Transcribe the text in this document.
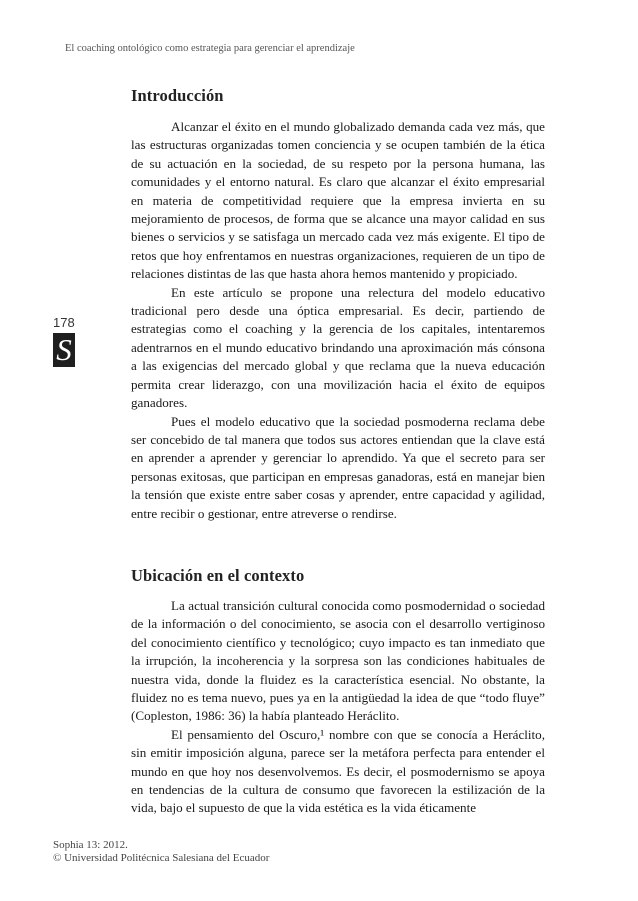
El coaching ontológico como estrategia para gerenciar el aprendizaje
178
S
Introducción

Alcanzar el éxito en el mundo globalizado demanda cada vez más, que las estructuras organizadas tomen conciencia y se ocupen también de la ética de su actuación en la sociedad, de su respeto por la persona humana, las comunidades y el entorno natural. Es claro que alcanzar el éxito empresarial en materia de competitividad requiere que la empresa invierta en su mejoramiento de procesos, de forma que se alcance una mayor calidad en sus bienes o servicios y se satisfaga un mercado cada vez más exigente. El tipo de retos que hoy enfrentamos en nuestras organizaciones, requieren de un tipo de relaciones distintas de las que hasta ahora hemos mantenido y propiciado.

En este artículo se propone una relectura del modelo educativo tradicional pero desde una óptica empresarial. Es decir, partiendo de estrategias como el coaching y la gerencia de los capitales, intentaremos adentrarnos en el mundo educativo brindando una aproximación más cónsona a las exigencias del mercado global y que reclama que la nueva educación permita crear liderazgo, con una movilización hacia el éxito de equipos ganadores.

Pues el modelo educativo que la sociedad posmoderna reclama debe ser concebido de tal manera que todos sus actores entiendan que la clave está en aprender a aprender y gerenciar lo aprendido. Ya que el secreto para ser personas exitosas, que participan en empresas ganadoras, está en manejar bien la tensión que existe entre saber cosas y aprender, entre capacidad y agilidad, entre recibir o gestionar, entre atreverse o rendirse.

Ubicación en el contexto

La actual transición cultural conocida como posmodernidad o sociedad de la información o del conocimiento, se asocia con el desarrollo vertiginoso del conocimiento científico y tecnológico; cuyo impacto es tan inmediato que la irrupción, la incoherencia y la sorpresa son las condiciones habituales de nuestra vida, donde la fluidez es la característica esencial. No obstante, la fluidez no es tema nuevo, pues ya en la antigüedad la idea de que “todo fluye” (Copleston, 1986: 36) la había planteado Heráclito.

El pensamiento del Oscuro,¹ nombre con que se conocía a Heráclito, sin emitir imposición alguna, parece ser la metáfora perfecta para entender el mundo en que hoy nos desenvolvemos. Es decir, el posmodernismo se apoya en tendencias de la cultura de consumo que favorecen la estilización de la vida, bajo el supuesto de que la vida estética es la vida éticamente

Sophia 13: 2012.
© Universidad Politécnica Salesiana del Ecuador
